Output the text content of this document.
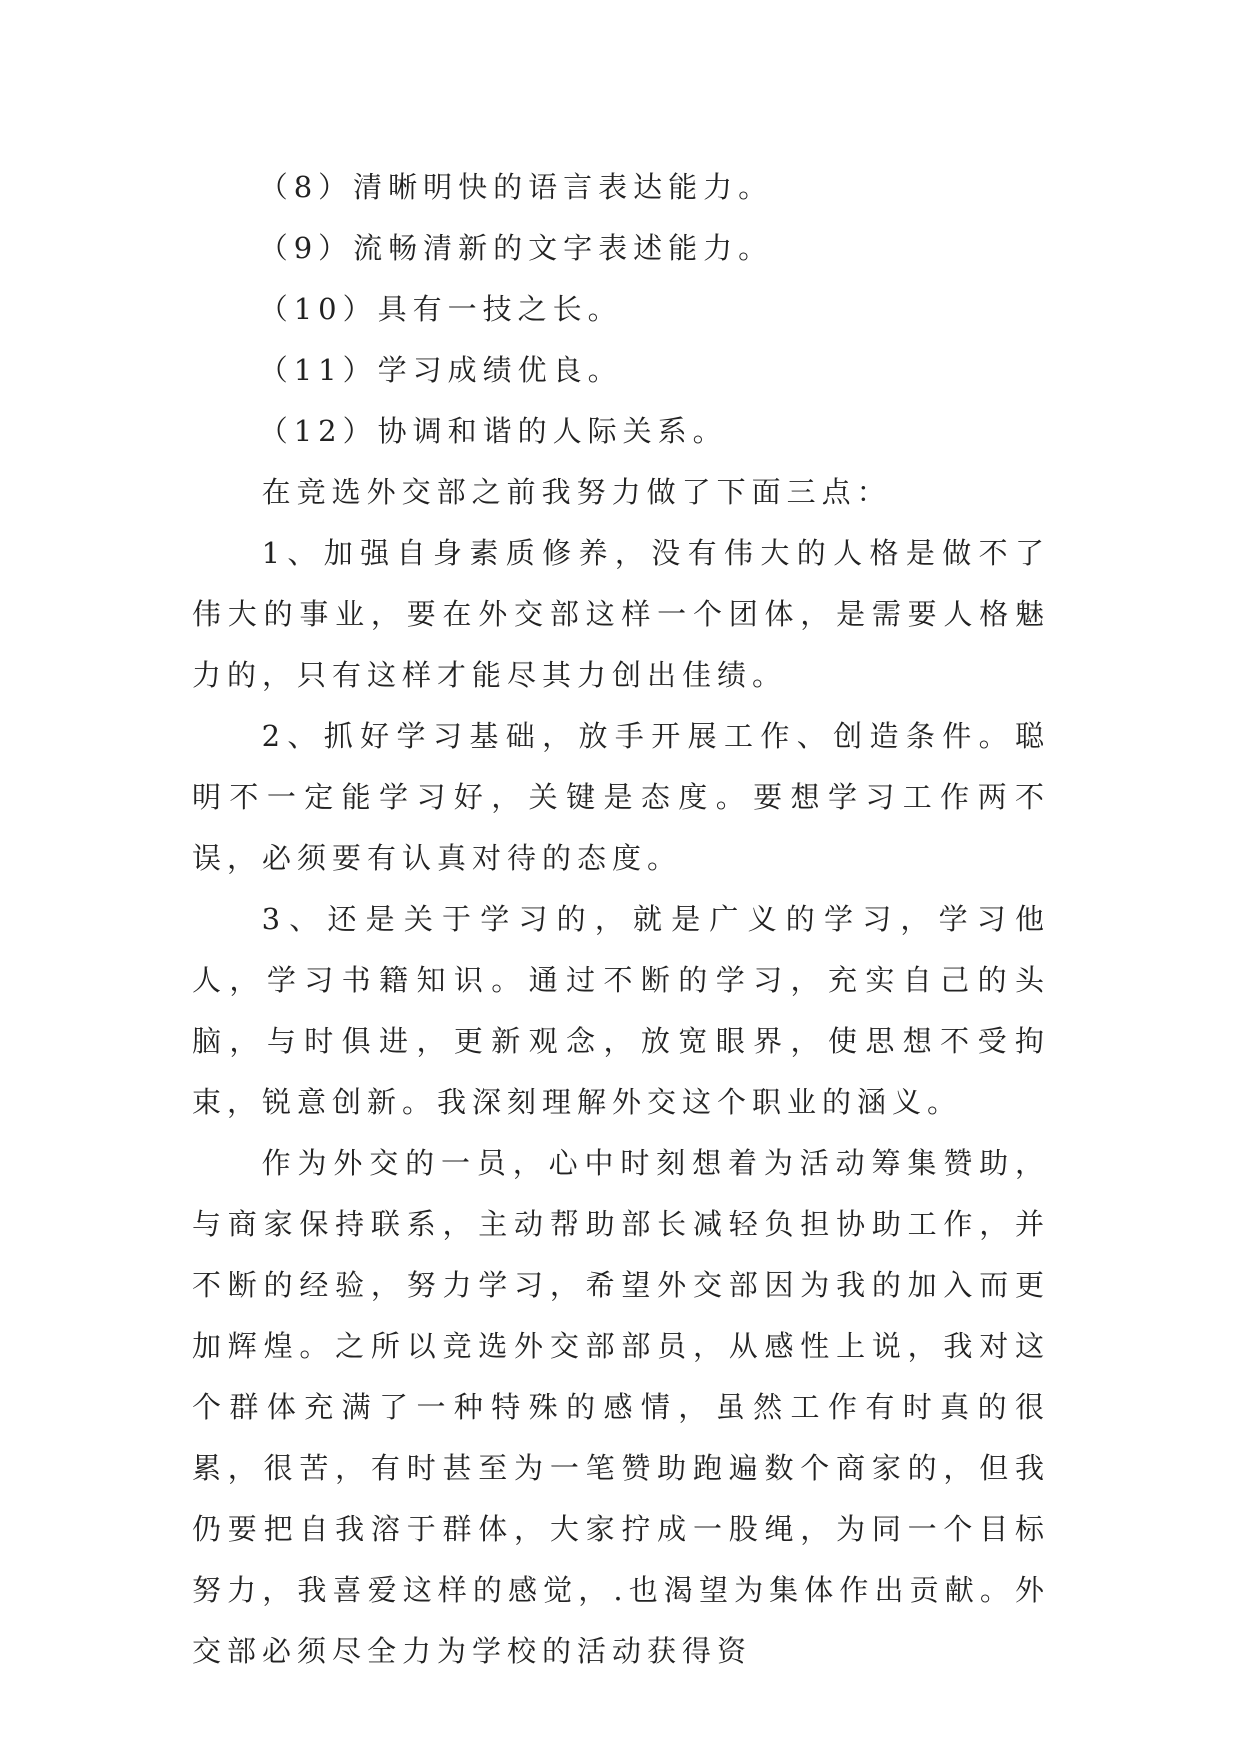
（8）清晰明快的语言表达能力。

（9）流畅清新的文字表述能力。

（10）具有一技之长。

（11）学习成绩优良。

（12）协调和谐的人际关系。

在竞选外交部之前我努力做了下面三点：

1、加强自身素质修养，没有伟大的人格是做不了伟大的事业，要在外交部这样一个团体，是需要人格魅力的，只有这样才能尽其力创出佳绩。

2、抓好学习基础，放手开展工作、创造条件。聪明不一定能学习好，关键是态度。要想学习工作两不误，必须要有认真对待的态度。

3、还是关于学习的，就是广义的学习，学习他人，学习书籍知识。通过不断的学习，充实自己的头脑，与时俱进，更新观念，放宽眼界，使思想不受拘束，锐意创新。我深刻理解外交这个职业的涵义。

作为外交的一员，心中时刻想着为活动筹集赞助，与商家保持联系，主动帮助部长减轻负担协助工作，并不断的经验，努力学习，希望外交部因为我的加入而更加辉煌。之所以竞选外交部部员，从感性上说，我对这个群体充满了一种特殊的感情，虽然工作有时真的很累，很苦，有时甚至为一笔赞助跑遍数个商家的，但我仍要把自我溶于群体，大家拧成一股绳，为同一个目标努力，我喜爱这样的感觉，.也渴望为集体作出贡献。外交部必须尽全力为学校的活动获得资
